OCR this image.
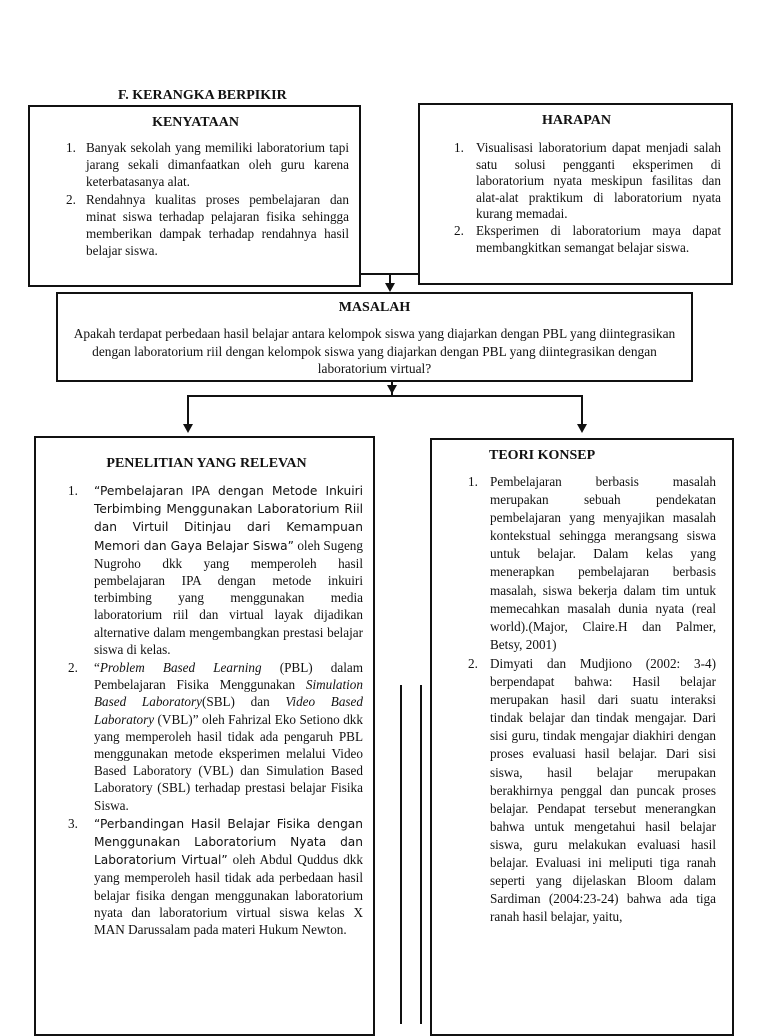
F. KERANGKA BERPIKIR
KENYATAAN
1. Banyak sekolah yang memiliki laboratorium tapi jarang sekali dimanfaatkan oleh guru karena keterbatasanya alat.
2. Rendahnya kualitas proses pembelajaran dan minat siswa terhadap pelajaran fisika sehingga memberikan dampak terhadap rendahnya hasil belajar siswa.
HARAPAN
1. Visualisasi laboratorium dapat menjadi salah satu solusi pengganti eksperimen di laboratorium nyata meskipun fasilitas dan alat-alat praktikum di laboratorium nyata kurang memadai.
2. Eksperimen di laboratorium maya dapat membangkitkan semangat belajar siswa.
MASALAH
Apakah terdapat perbedaan hasil belajar antara kelompok siswa yang diajarkan dengan PBL yang diintegrasikan dengan laboratorium riil dengan kelompok siswa yang diajarkan dengan PBL yang diintegrasikan dengan laboratorium virtual?
PENELITIAN YANG RELEVAN
1. “Pembelajaran IPA dengan Metode Inkuiri Terbimbing Menggunakan Laboratorium Riil dan Virtuil Ditinjau dari Kemampuan Memori dan Gaya Belajar Siswa” oleh Sugeng Nugroho dkk yang memperoleh hasil pembelajaran IPA dengan metode inkuiri terbimbing yang menggunakan media laboratorium riil dan virtual layak dijadikan alternative dalam mengembangkan prestasi belajar siswa di kelas.
2. “Problem Based Learning (PBL) dalam Pembelajaran Fisika Menggunakan Simulation Based Laboratory(SBL) dan Video Based Laboratory (VBL)” oleh Fahrizal Eko Setiono dkk yang memperoleh hasil tidak ada pengaruh PBL menggunakan metode eksperimen melalui Video Based Laboratory (VBL) dan Simulation Based Laboratory (SBL) terhadap prestasi belajar Fisika Siswa.
3. “Perbandingan Hasil Belajar Fisika dengan Menggunakan Laboratorium Nyata dan Laboratorium Virtual” oleh Abdul Quddus dkk yang memperoleh hasil tidak ada perbedaan hasil belajar fisika dengan menggunakan laboratorium nyata dan laboratorium virtual siswa kelas X MAN Darussalam pada materi Hukum Newton.
TEORI KONSEP
1. Pembelajaran berbasis masalah merupakan sebuah pendekatan pembelajaran yang menyajikan masalah kontekstual sehingga merangsang siswa untuk belajar. Dalam kelas yang menerapkan pembelajaran berbasis masalah, siswa bekerja dalam tim untuk memecahkan masalah dunia nyata (real world).(Major, Claire.H dan Palmer, Betsy, 2001)
2. Dimyati dan Mudjiono (2002: 3-4) berpendapat bahwa: Hasil belajar merupakan hasil dari suatu interaksi tindak belajar dan tindak mengajar. Dari sisi guru, tindak mengajar diakhiri dengan proses evaluasi hasil belajar. Dari sisi siswa, hasil belajar merupakan berakhirnya penggal dan puncak proses belajar. Pendapat tersebut menerangkan bahwa untuk mengetahui hasil belajar siswa, guru melakukan evaluasi hasil belajar. Evaluasi ini meliputi tiga ranah seperti yang dijelaskan Bloom dalam Sardiman (2004:23-24) bahwa ada tiga ranah hasil belajar, yaitu,
